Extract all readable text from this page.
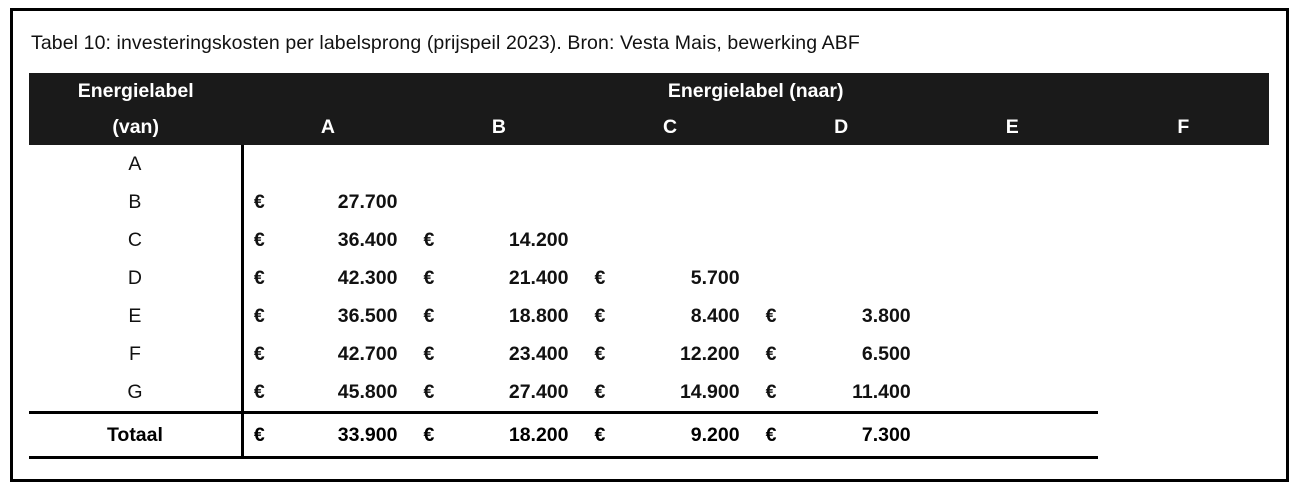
Tabel 10: investeringskosten per labelsprong (prijspeil 2023). Bron: Vesta Mais, bewerking ABF
Energielabel	Energielabel (naar)									
(van)	A		B		C		D		E	F
A										
B	€	27.700								
C	€	36.400	€	14.200						
D	€	42.300	€	21.400	€	5.700				
E	€	36.500	€	18.800	€	8.400	€	3.800		
F	€	42.700	€	23.400	€	12.200	€	6.500		
G	€	45.800	€	27.400	€	14.900	€	11.400		
Totaal	€	33.900	€	18.200	€	9.200	€	7.300		
